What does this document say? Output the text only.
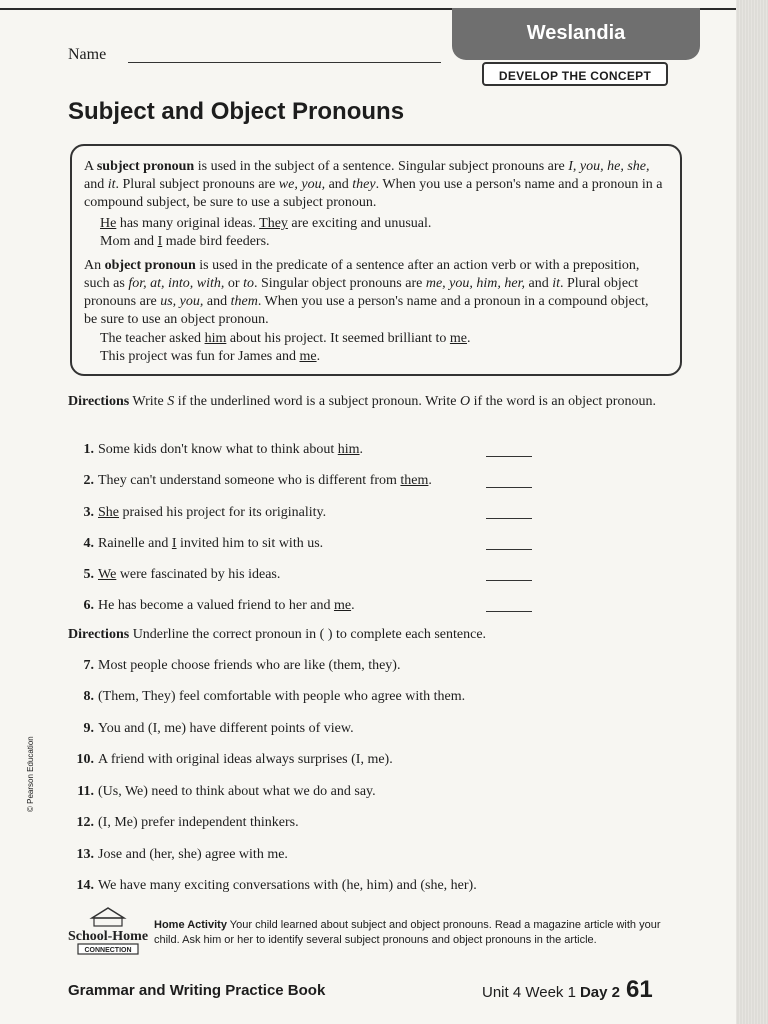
Name
Weslandia
DEVELOP THE CONCEPT
Subject and Object Pronouns

A subject pronoun is used in the subject of a sentence. Singular subject pronouns are I, you, he, she, and it. Plural subject pronouns are we, you, and they. When you use a person's name and a pronoun in a compound subject, be sure to use a subject pronoun.

He has many original ideas. They are exciting and unusual.
Mom and I made bird feeders.

An object pronoun is used in the predicate of a sentence after an action verb or with a preposition, such as for, at, into, with, or to. Singular object pronouns are me, you, him, her, and it. Plural object pronouns are us, you, and them. When you use a person's name and a pronoun in a compound object, be sure to use an object pronoun.

The teacher asked him about his project. It seemed brilliant to me.
This project was fun for James and me.
Directions Write S if the underlined word is a subject pronoun. Write O if the word is an object pronoun.
1. Some kids don't know what to think about him.
2. They can't understand someone who is different from them.
3. She praised his project for its originality.
4. Rainelle and I invited him to sit with us.
5. We were fascinated by his ideas.
6. He has become a valued friend to her and me.
Directions Underline the correct pronoun in ( ) to complete each sentence.
7. Most people choose friends who are like (them, they).
8. (Them, They) feel comfortable with people who agree with them.
9. You and (I, me) have different points of view.
10. A friend with original ideas always surprises (I, me).
11. (Us, We) need to think about what we do and say.
12. (I, Me) prefer independent thinkers.
13. Jose and (her, she) agree with me.
14. We have many exciting conversations with (he, him) and (she, her).
© Pearson Education
School-Home
CONNECTION
Home Activity Your child learned about subject and object pronouns. Read a magazine article with your child. Ask him or her to identify several subject pronouns and object pronouns in the article.
Grammar and Writing Practice Book	Unit 4 Week 1 Day 2 61
